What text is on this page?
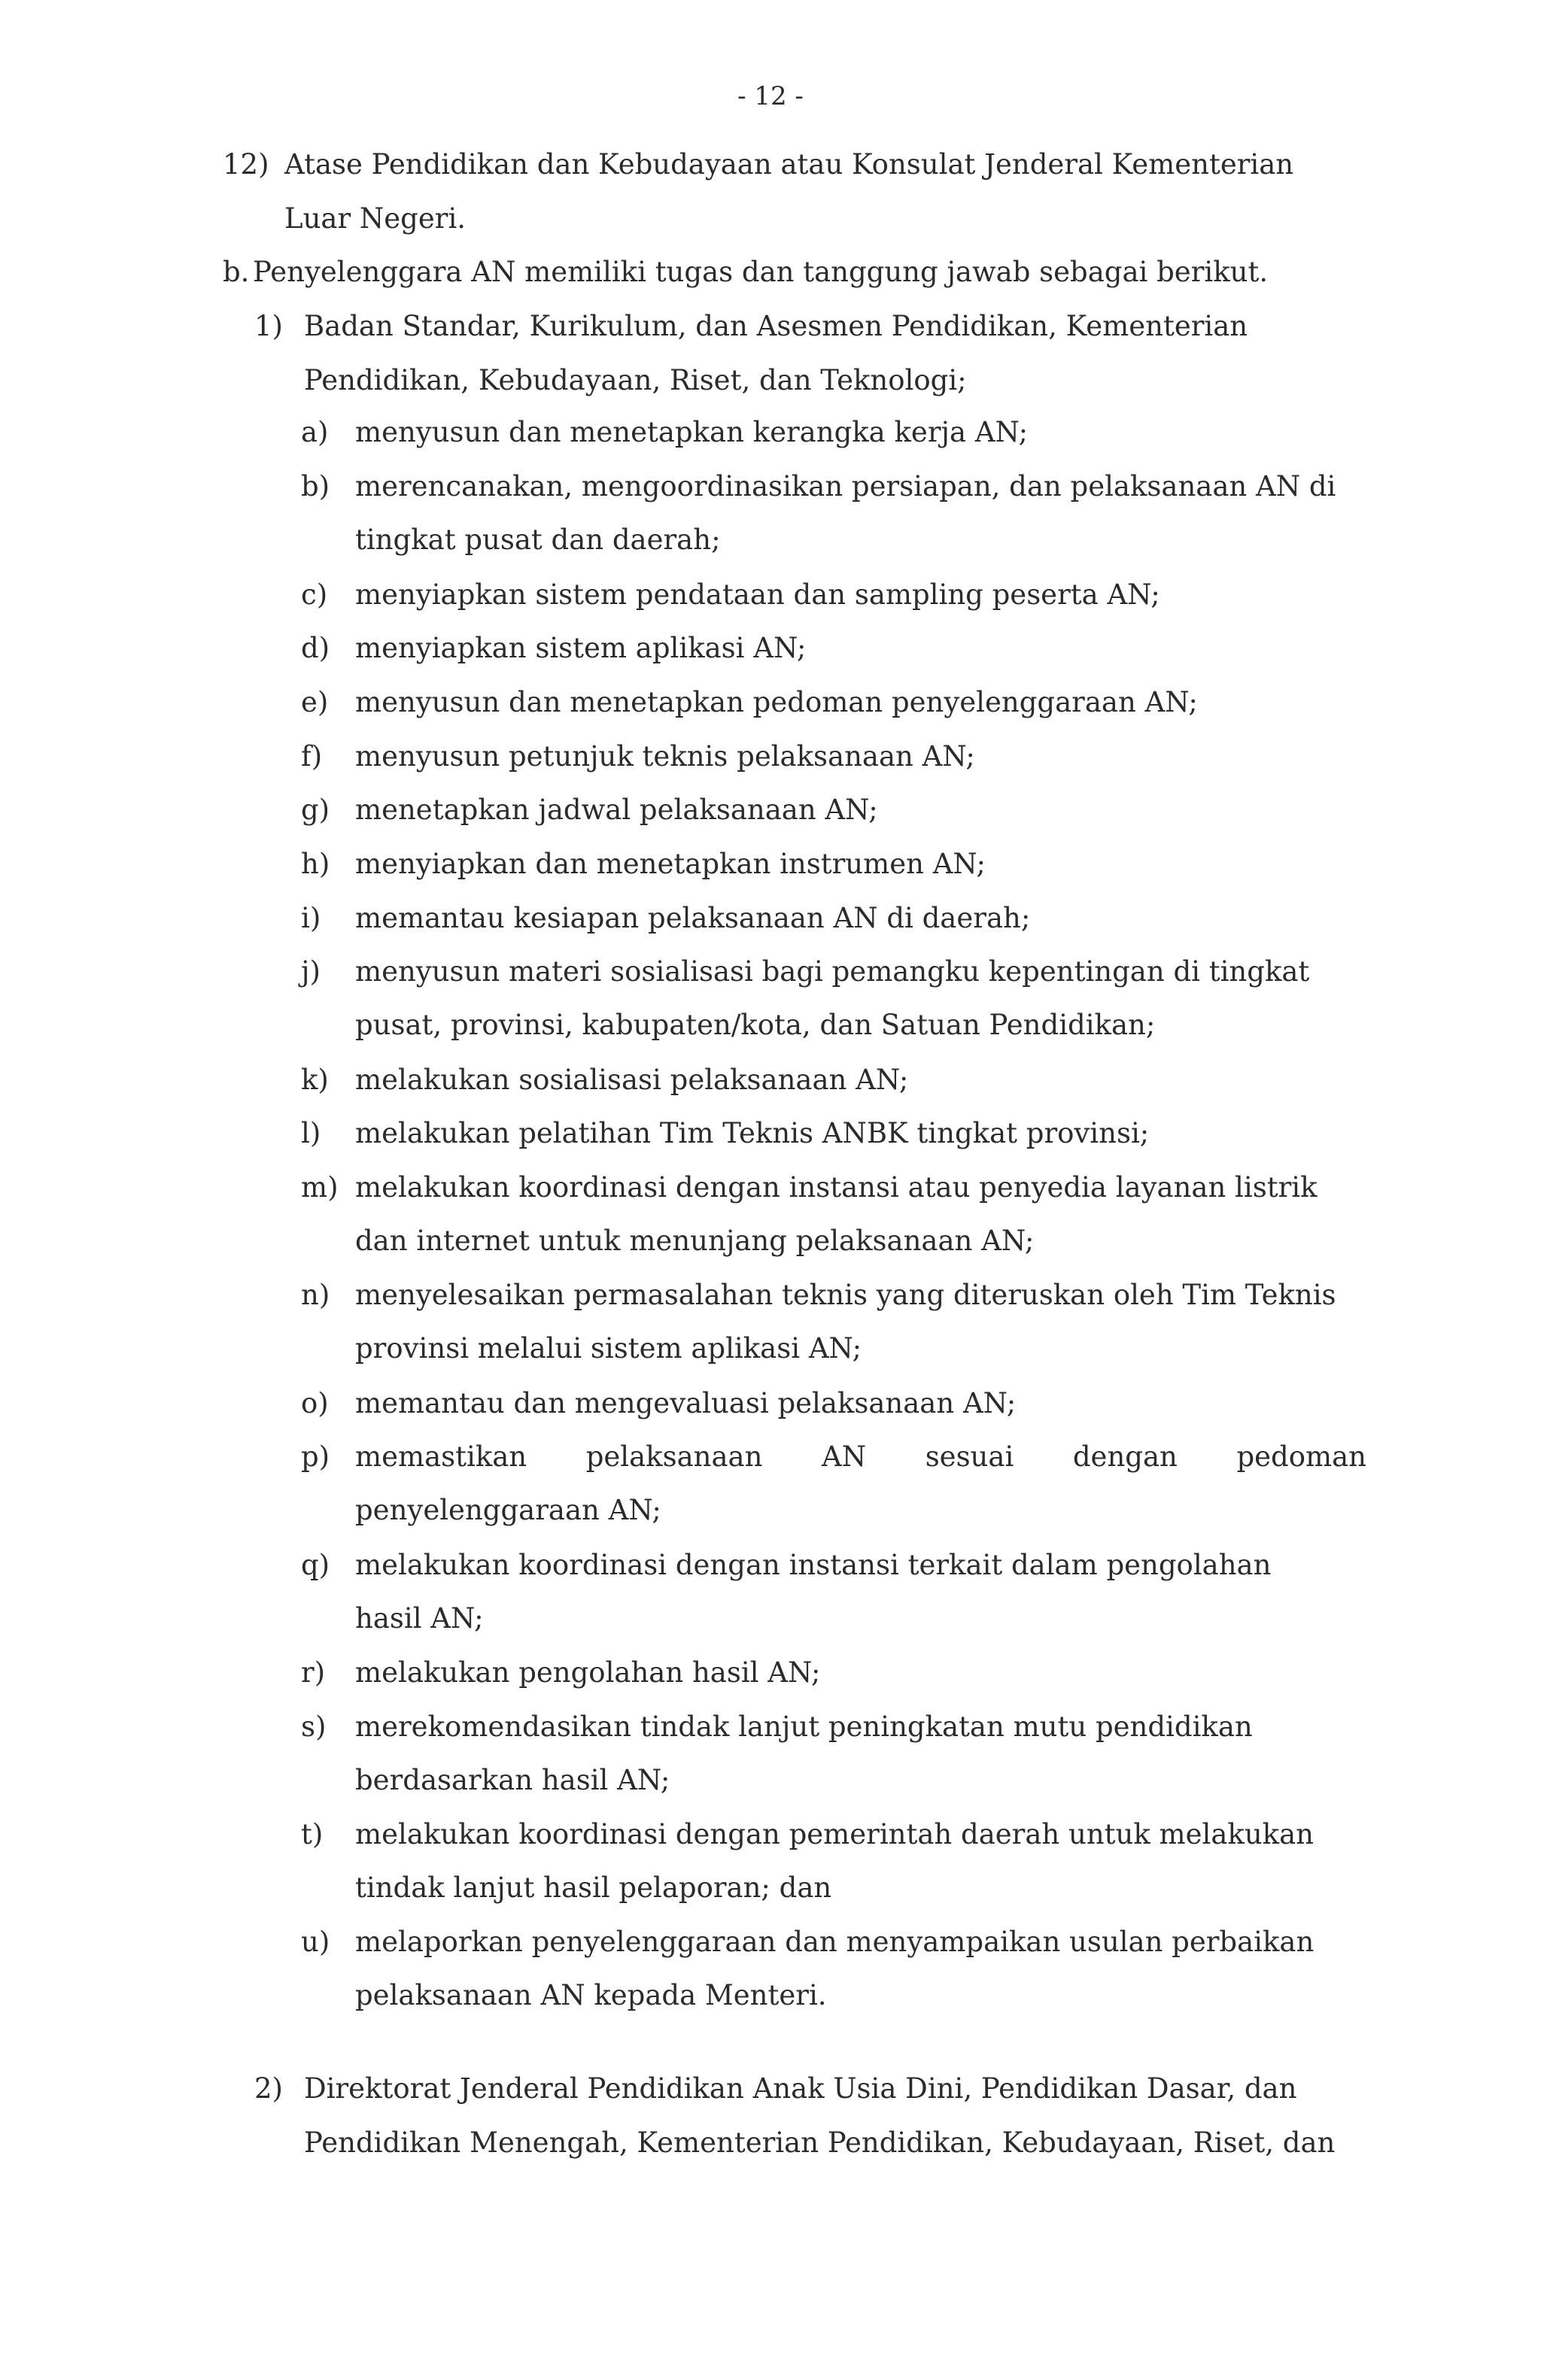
- 12 -
12) Atase Pendidikan dan Kebudayaan atau Konsulat Jenderal Kementerian
Luar Negeri.
b. Penyelenggara AN memiliki tugas dan tanggung jawab sebagai berikut.
1) Badan Standar, Kurikulum, dan Asesmen Pendidikan, Kementerian
Pendidikan, Kebudayaan, Riset, dan Teknologi;
a) menyusun dan menetapkan kerangka kerja AN;
b) merencanakan, mengoordinasikan persiapan, dan pelaksanaan AN di
tingkat pusat dan daerah;
c) menyiapkan sistem pendataan dan sampling peserta AN;
d) menyiapkan sistem aplikasi AN;
e) menyusun dan menetapkan pedoman penyelenggaraan AN;
f) menyusun petunjuk teknis pelaksanaan AN;
g) menetapkan jadwal pelaksanaan AN;
h) menyiapkan dan menetapkan instrumen AN;
i) memantau kesiapan pelaksanaan AN di daerah;
j) menyusun materi sosialisasi bagi pemangku kepentingan di tingkat
pusat, provinsi, kabupaten/kota, dan Satuan Pendidikan;
k) melakukan sosialisasi pelaksanaan AN;
l) melakukan pelatihan Tim Teknis ANBK tingkat provinsi;
m) melakukan koordinasi dengan instansi atau penyedia layanan listrik
dan internet untuk menunjang pelaksanaan AN;
n) menyelesaikan permasalahan teknis yang diteruskan oleh Tim Teknis
provinsi melalui sistem aplikasi AN;
o) memantau dan mengevaluasi pelaksanaan AN;
p) memastikan pelaksanaan AN sesuai dengan pedoman
penyelenggaraan AN;
q) melakukan koordinasi dengan instansi terkait dalam pengolahan
hasil AN;
r) melakukan pengolahan hasil AN;
s) merekomendasikan tindak lanjut peningkatan mutu pendidikan
berdasarkan hasil AN;
t) melakukan koordinasi dengan pemerintah daerah untuk melakukan
tindak lanjut hasil pelaporan; dan
u) melaporkan penyelenggaraan dan menyampaikan usulan perbaikan
pelaksanaan AN kepada Menteri.
2) Direktorat Jenderal Pendidikan Anak Usia Dini, Pendidikan Dasar, dan
Pendidikan Menengah, Kementerian Pendidikan, Kebudayaan, Riset, dan
